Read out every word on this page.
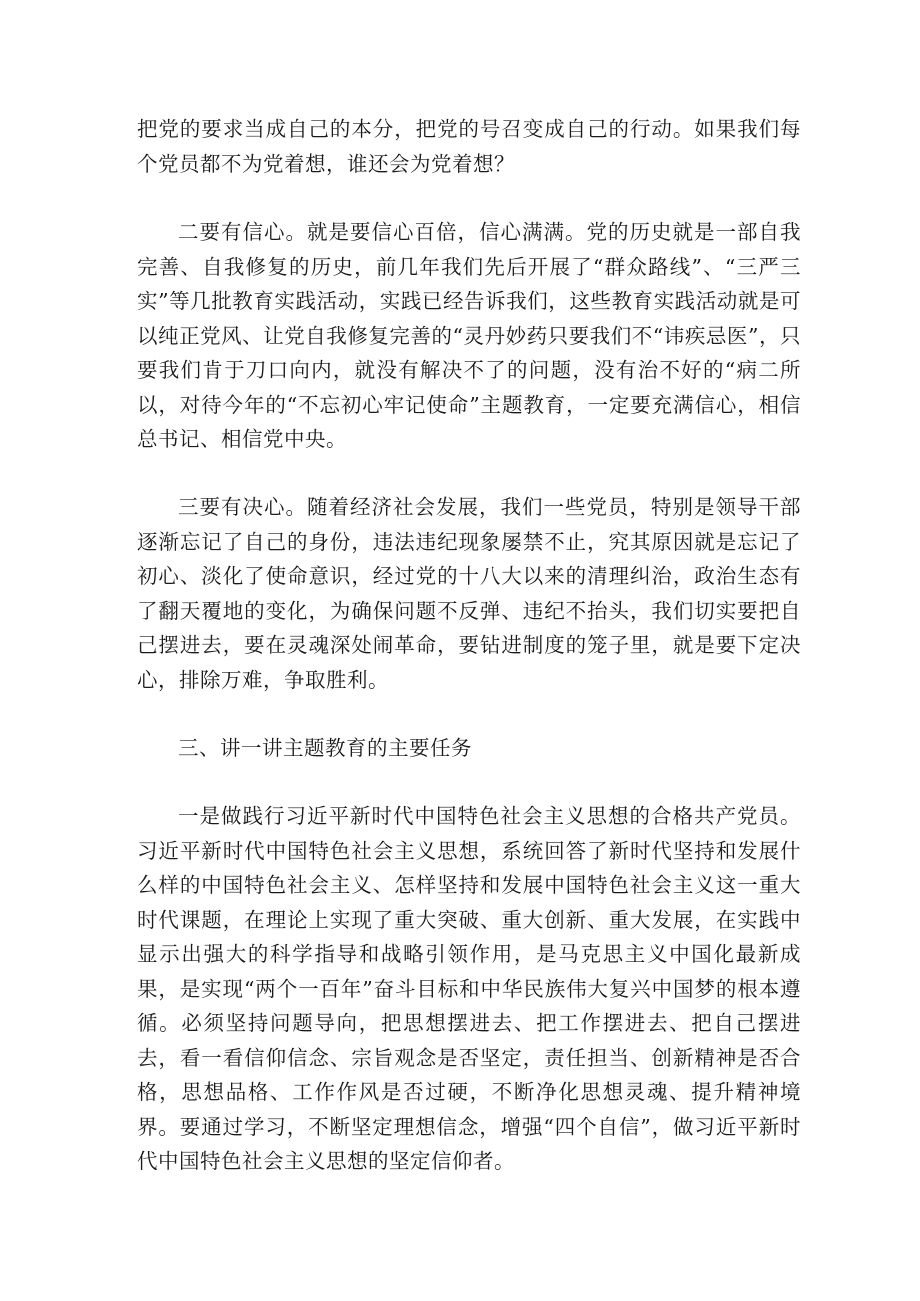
把党的要求当成自己的本分，把党的号召变成自己的行动。如果我们每个党员都不为党着想，谁还会为党着想？

二要有信心。就是要信心百倍，信心满满。党的历史就是一部自我完善、自我修复的历史，前几年我们先后开展了“群众路线”、“三严三实”等几批教育实践活动，实践已经告诉我们，这些教育实践活动就是可以纯正党风、让党自我修复完善的“灵丹妙药只要我们不“讳疾忌医”，只要我们肯于刀口向内，就没有解决不了的问题，没有治不好的“病二所以，对待今年的“不忘初心牢记使命”主题教育，一定要充满信心，相信总书记、相信党中央。

三要有决心。随着经济社会发展，我们一些党员，特别是领导干部逐渐忘记了自己的身份，违法违纪现象屡禁不止，究其原因就是忘记了初心、淡化了使命意识，经过党的十八大以来的清理纠治，政治生态有了翻天覆地的变化，为确保问题不反弹、违纪不抬头，我们切实要把自己摆进去，要在灵魂深处闹革命，要钻进制度的笼子里，就是要下定决心，排除万难，争取胜利。

三、讲一讲主题教育的主要任务

一是做践行习近平新时代中国特色社会主义思想的合格共产党员。习近平新时代中国特色社会主义思想，系统回答了新时代坚持和发展什么样的中国特色社会主义、怎样坚持和发展中国特色社会主义这一重大时代课题，在理论上实现了重大突破、重大创新、重大发展，在实践中显示出强大的科学指导和战略引领作用，是马克思主义中国化最新成果，是实现“两个一百年”奋斗目标和中华民族伟大复兴中国梦的根本遵循。必须坚持问题导向，把思想摆进去、把工作摆进去、把自己摆进去，看一看信仰信念、宗旨观念是否坚定，责任担当、创新精神是否合格，思想品格、工作作风是否过硬，不断净化思想灵魂、提升精神境界。要通过学习，不断坚定理想信念，增强“四个自信”，做习近平新时代中国特色社会主义思想的坚定信仰者。
